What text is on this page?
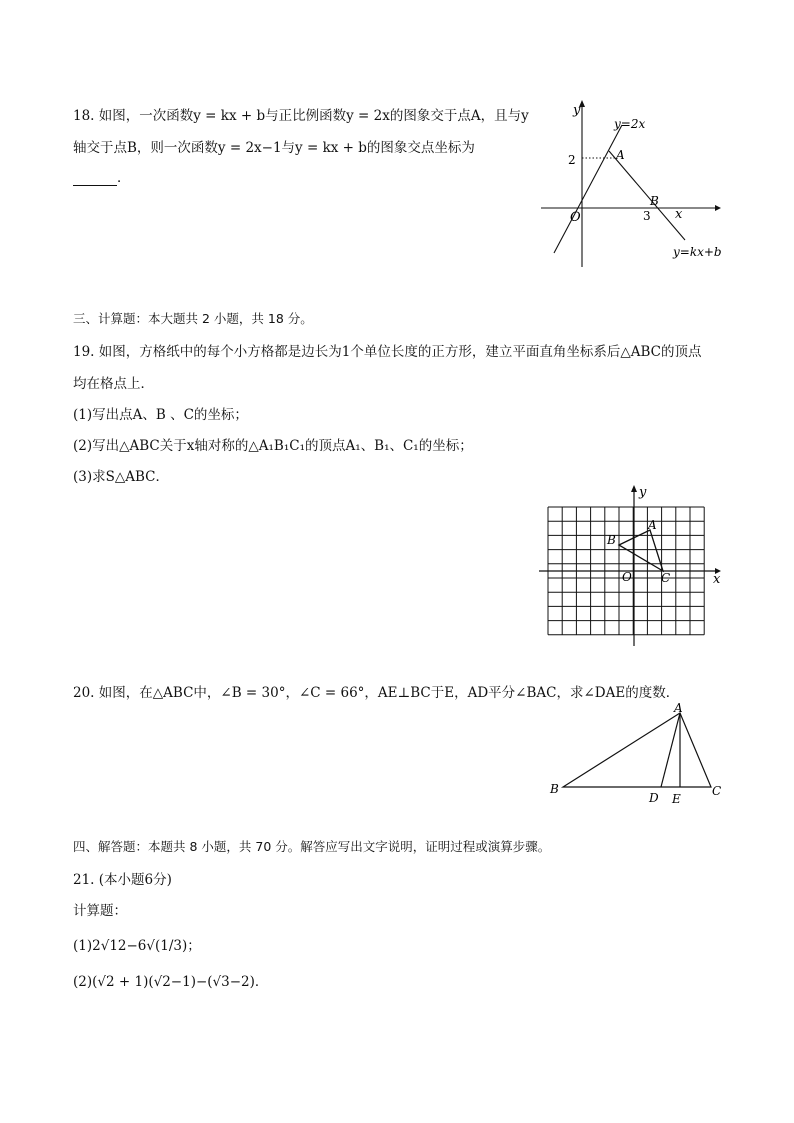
18. 如图，一次函数y = kx + b与正比例函数y = 2x的图象交于点A，且与y
轴交于点B，则一次函数y = 2x−1与y = kx + b的图象交点坐标为
．
y
x
O
A
B
2
3
y=2x
y=kx+b
三、计算题：本大题共 2 小题，共 18 分。
19. 如图，方格纸中的每个小方格都是边长为1个单位长度的正方形，建立平面直角坐标系后△ABC的顶点
均在格点上．
(1)写出点A、B 、C的坐标；
(2)写出△ABC关于x轴对称的△A₁B₁C₁的顶点A₁、B₁、C₁的坐标；
(3)求S△ABC．
y
x
O
A
B
C
20. 如图，在△ABC中，∠B = 30°，∠C = 66°，AE⊥BC于E，AD平分∠BAC，求∠DAE的度数．
A
B	C
D E
四、解答题：本题共 8 小题，共 70 分。解答应写出文字说明，证明过程或演算步骤。
21. (本小题6分)
计算题：
(1)2√12−6√(1/3)；
(2)(√2 + 1)(√2−1)−(√3−2)．
